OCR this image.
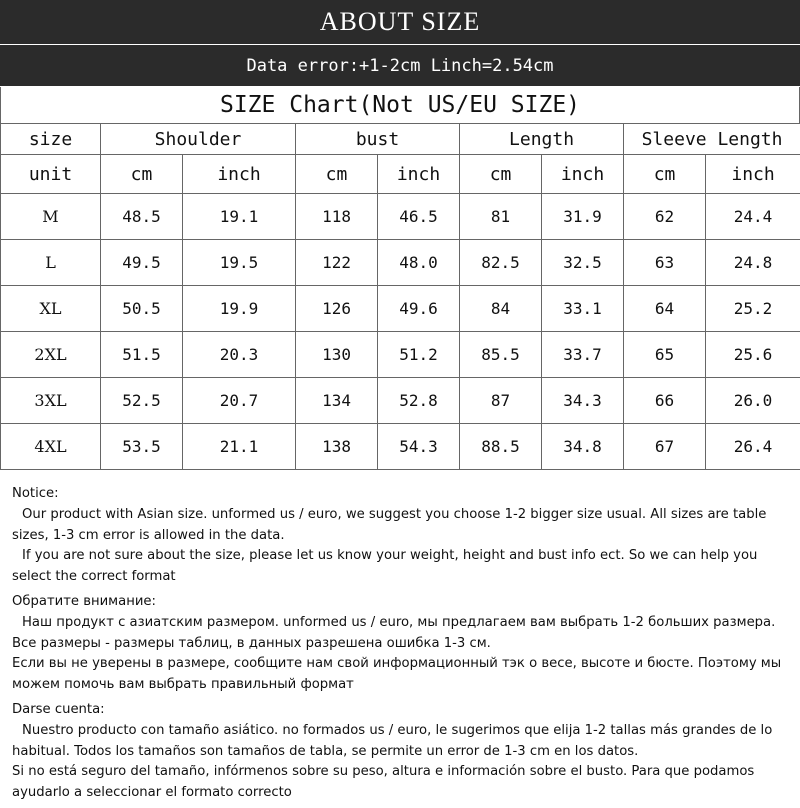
ABOUT SIZE
Data error:+1-2cm Linch=2.54cm
SIZE Chart(Not US/EU SIZE)
size	Shoulder		bust		Length		Sleeve Length	
unit	cm	inch	cm	inch	cm	inch	cm	inch
M	48.5	19.1	118	46.5	81	31.9	62	24.4
L	49.5	19.5	122	48.0	82.5	32.5	63	24.8
XL	50.5	19.9	126	49.6	84	33.1	64	25.2
2XL	51.5	20.3	130	51.2	85.5	33.7	65	25.6
3XL	52.5	20.7	134	52.8	87	34.3	66	26.0
4XL	53.5	21.1	138	54.3	88.5	34.8	67	26.4

Notice:

Our product with Asian size. unformed us / euro, we suggest you choose 1-2 bigger size usual. All sizes are table sizes, 1-3 cm error is allowed in the data.

If you are not sure about the size, please let us know your weight, height and bust info ect. So we can help you select the correct format

Обратите внимание:

Наш продукт с азиатским размером. unformed us / euro, мы предлагаем вам выбрать 1-2 больших размера.

Все размеры - размеры таблиц, в данных разрешена ошибка 1-3 см.

Если вы не уверены в размере, сообщите нам свой информационный тэк о весе, высоте и бюсте. Поэтому мы можем помочь вам выбрать правильный формат

Darse cuenta:

Nuestro producto con tamaño asiático. no formados us / euro, le sugerimos que elija 1-2 tallas más grandes de lo habitual. Todos los tamaños son tamaños de tabla, se permite un error de 1-3 cm en los datos.

Si no está seguro del tamaño, infórmenos sobre su peso, altura e información sobre el busto. Para que podamos ayudarlo a seleccionar el formato correcto
